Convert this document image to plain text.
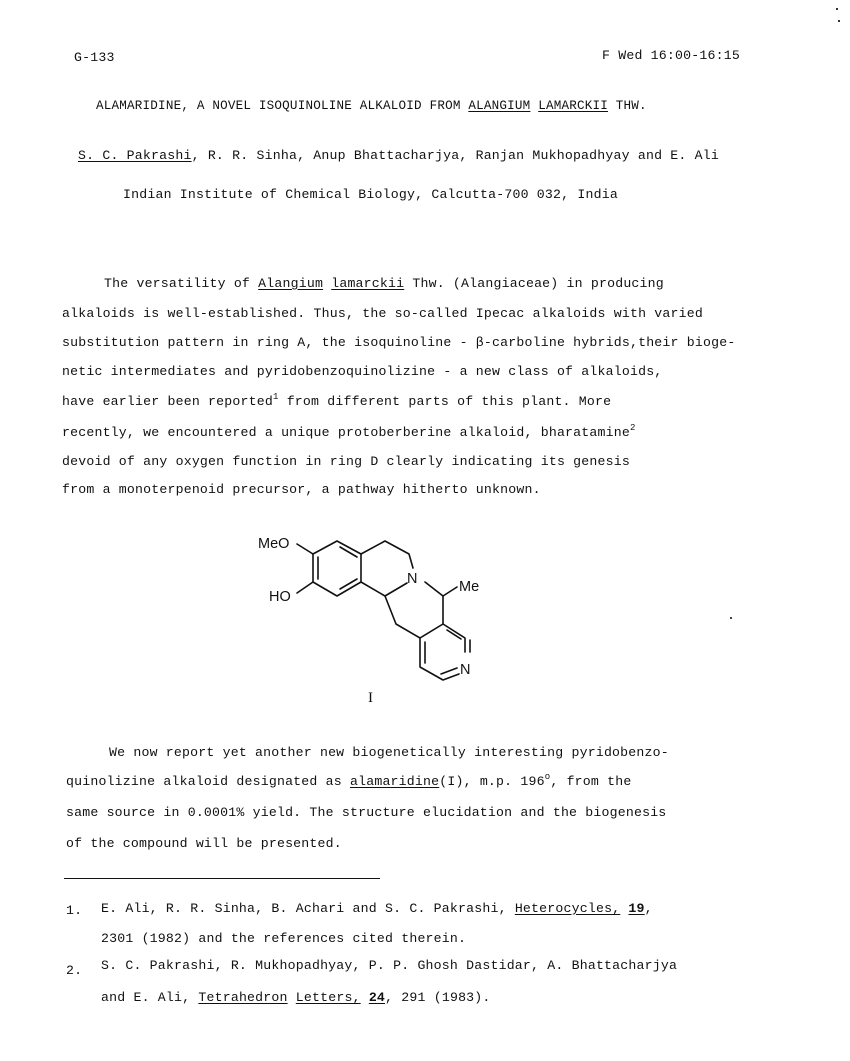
G-133	F Wed 16:00-16:15
ALAMARIDINE, A NOVEL ISOQUINOLINE ALKALOID FROM ALANGIUM LAMARCKII THW.
S. C. Pakrashi, R. R. Sinha, Anup Bhattacharjya, Ranjan Mukhopadhyay and E. Ali
Indian Institute of Chemical Biology, Calcutta-700 032, India
The versatility of Alangium lamarckii Thw. (Alangiaceae) in producing
alkaloids is well-established. Thus, the so-called Ipecac alkaloids with varied
substitution pattern in ring A, the isoquinoline - β-carboline hybrids,their bioge-
netic intermediates and pyridobenzoquinolizine - a new class of alkaloids,
have earlier been reported$^1$ from different parts of this plant. More
recently, we encountered a unique protoberberine alkaloid, bharatamine$^2$
devoid of any oxygen function in ring D clearly indicating its genesis
from a monoterpenoid precursor, a pathway hitherto unknown.
MeO
HO
N	Me
N
I
We now report yet another new biogenetically interesting pyridobenzo-
quinolizine alkaloid designated as alamaridine(I), m.p. 196$^o$, from the
same source in 0.0001% yield. The structure elucidation and the biogenesis
of the compound will be presented.
1. E. Ali, R. R. Sinha, B. Achari and S. C. Pakrashi, Heterocycles, 19,
2301 (1982) and the references cited therein.
2. S. C. Pakrashi, R. Mukhopadhyay, P. P. Ghosh Dastidar, A. Bhattacharjya
and E. Ali, Tetrahedron Letters, 24, 291 (1983).
